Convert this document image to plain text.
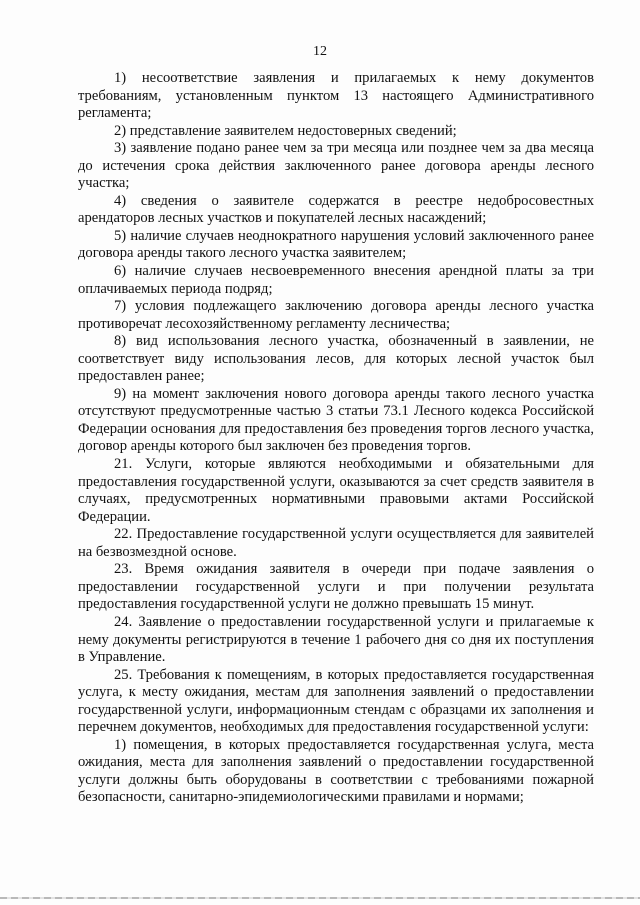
12

1) несоответствие заявления и прилагаемых к нему документов требованиям, установленным пунктом 13 настоящего Административного регламента;

2) представление заявителем недостоверных сведений;

3) заявление подано ранее чем за три месяца или позднее чем за два месяца до истечения срока действия заключенного ранее договора аренды лесного участка;

4) сведения о заявителе содержатся в реестре недобросовестных арендаторов лесных участков и покупателей лесных насаждений;

5) наличие случаев неоднократного нарушения условий заключенного ранее договора аренды такого лесного участка заявителем;

6) наличие случаев несвоевременного внесения арендной платы за три оплачиваемых периода подряд;

7) условия подлежащего заключению договора аренды лесного участка противоречат лесохозяйственному регламенту лесничества;

8) вид использования лесного участка, обозначенный в заявлении, не соответствует виду использования лесов, для которых лесной участок был предоставлен ранее;

9) на момент заключения нового договора аренды такого лесного участка отсутствуют предусмотренные частью 3 статьи 73.1 Лесного кодекса Российской Федерации основания для предоставления без проведения торгов лесного участка, договор аренды которого был заключен без проведения торгов.

21. Услуги, которые являются необходимыми и обязательными для предоставления государственной услуги, оказываются за счет средств заявителя в случаях, предусмотренных нормативными правовыми актами Российской Федерации.

22. Предоставление государственной услуги осуществляется для заявителей на безвозмездной основе.

23. Время ожидания заявителя в очереди при подаче заявления о предоставлении государственной услуги и при получении результата предоставления государственной услуги не должно превышать 15 минут.

24. Заявление о предоставлении государственной услуги и прилагаемые к нему документы регистрируются в течение 1 рабочего дня со дня их поступления в Управление.

25. Требования к помещениям, в которых предоставляется государственная услуга, к месту ожидания, местам для заполнения заявлений о предоставлении государственной услуги, информационным стендам с образцами их заполнения и перечнем документов, необходимых для предоставления государственной услуги:

1) помещения, в которых предоставляется государственная услуга, места ожидания, места для заполнения заявлений о предоставлении государственной услуги должны быть оборудованы в соответствии с требованиями пожарной безопасности, санитарно-эпидемиологическими правилами и нормами;
